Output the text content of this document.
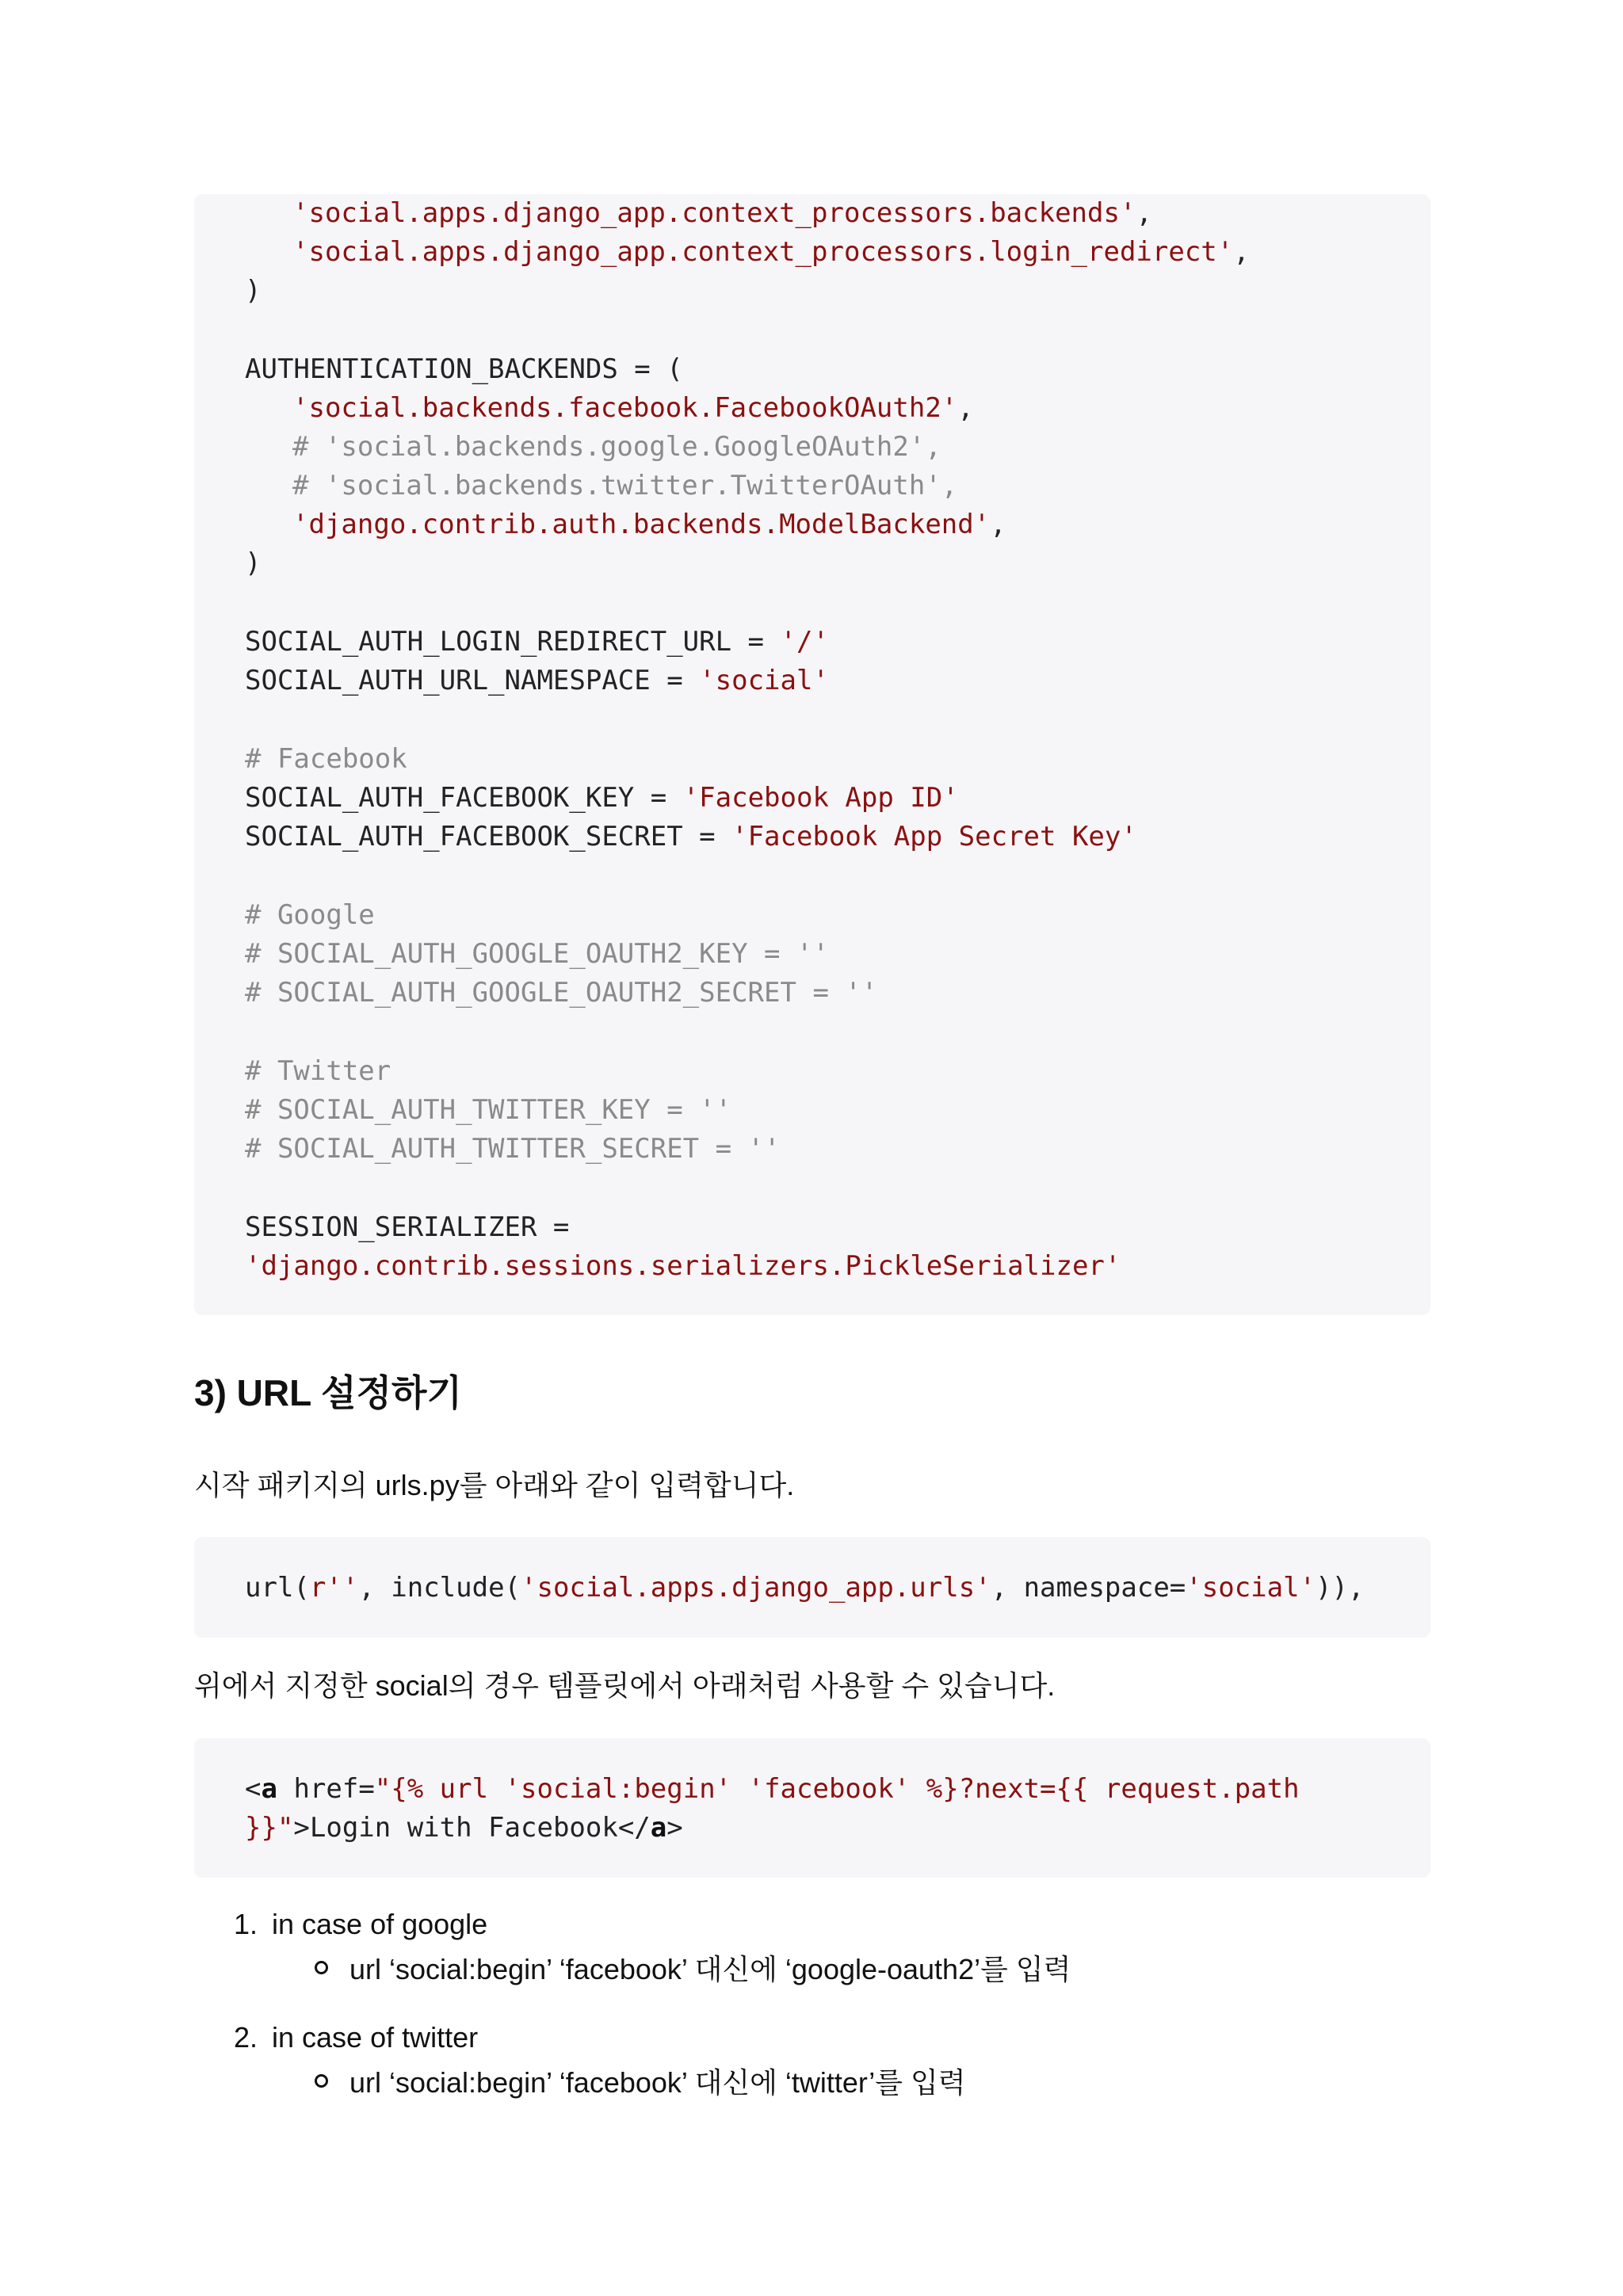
'social.apps.django_app.context_processors.backends',
'social.apps.django_app.context_processors.login_redirect',
)
AUTHENTICATION_BACKENDS = (
'social.backends.facebook.FacebookOAuth2',
# 'social.backends.google.GoogleOAuth2',
# 'social.backends.twitter.TwitterOAuth',
'django.contrib.auth.backends.ModelBackend',
)
SOCIAL_AUTH_LOGIN_REDIRECT_URL = '/'
SOCIAL_AUTH_URL_NAMESPACE = 'social'
# Facebook
SOCIAL_AUTH_FACEBOOK_KEY = 'Facebook App ID'
SOCIAL_AUTH_FACEBOOK_SECRET = 'Facebook App Secret Key'
# Google
# SOCIAL_AUTH_GOOGLE_OAUTH2_KEY = ''
# SOCIAL_AUTH_GOOGLE_OAUTH2_SECRET = ''
# Twitter
# SOCIAL_AUTH_TWITTER_KEY = ''
# SOCIAL_AUTH_TWITTER_SECRET = ''
SESSION_SERIALIZER =
'django.contrib.sessions.serializers.PickleSerializer'
3) URL 설정하기
시작 패키지의 urls.py를 아래와 같이 입력합니다.
url(r'', include('social.apps.django_app.urls', namespace='social')),
위에서 지정한 social의 경우 템플릿에서 아래처럼 사용할 수 있습니다.
<a href="{% url 'social:begin' 'facebook' %}?next={{ request.path
}}">Login with Facebook</a>
1. in case of google
url ‘social:begin’ ‘facebook’ 대신에 ‘google-oauth2’를 입력
2. in case of twitter
url ‘social:begin’ ‘facebook’ 대신에 ‘twitter’를 입력
